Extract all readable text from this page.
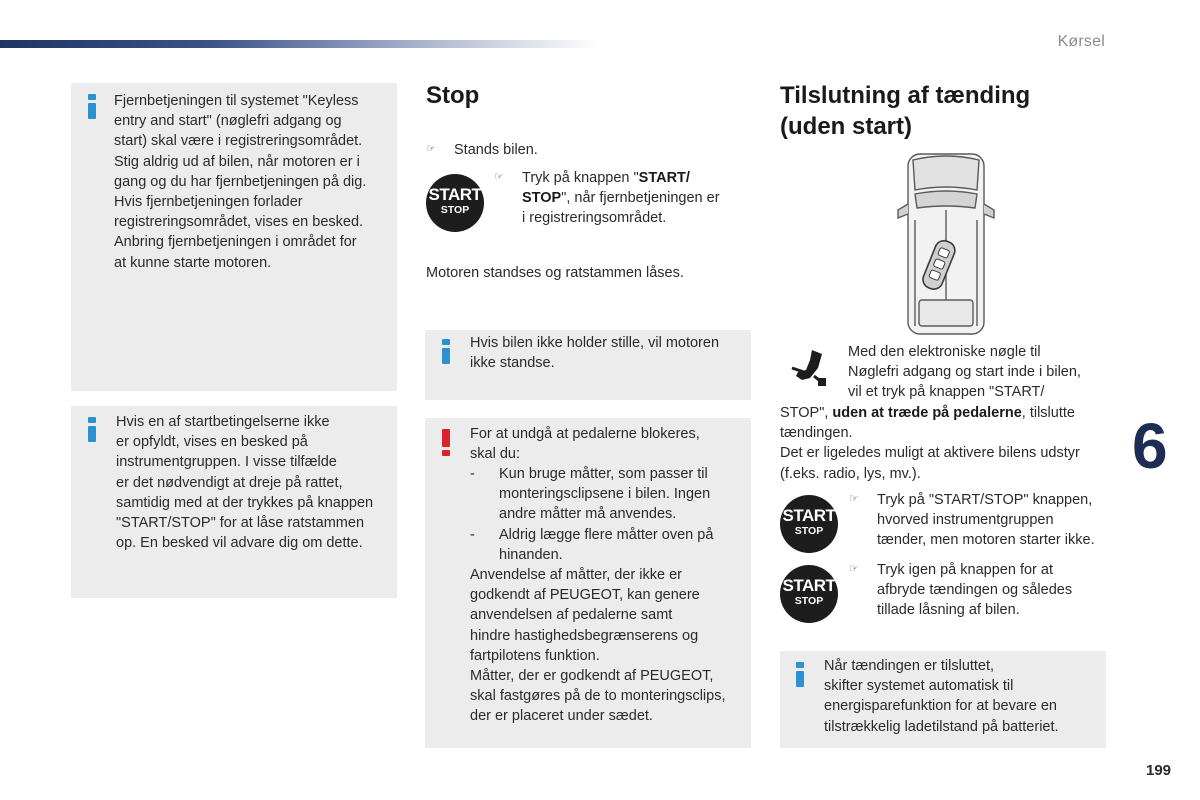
Kørsel
Fjernbetjeningen til systemet "Keyless
entry and start" (nøglefri adgang og
start) skal være i registreringsområdet.
Stig aldrig ud af bilen, når motoren er i
gang og du har fjernbetjeningen på dig.
Hvis fjernbetjeningen forlader
registreringsområdet, vises en besked.
Anbring fjernbetjeningen i området for
at kunne starte motoren.
Hvis en af startbetingelserne ikke
er opfyldt, vises en besked på
instrumentgruppen. I visse tilfælde
er det nødvendigt at dreje på rattet,
samtidig med at der trykkes på knappen
"START/STOP" for at låse ratstammen
op. En besked vil advare dig om dette.
Stop
☞ Stands bilen.
START
STOP
☞ Tryk på knappen "START/
STOP", når fjernbetjeningen er
i registreringsområdet.
Motoren standses og ratstammen låses.
Hvis bilen ikke holder stille, vil motoren
ikke standse.
For at undgå at pedalerne blokeres,
skal du:
- Kun bruge måtter, som passer til
monteringsclipsene i bilen. Ingen
andre måtter må anvendes.
- Aldrig lægge flere måtter oven på
hinanden.
Anvendelse af måtter, der ikke er
godkendt af PEUGEOT, kan genere
anvendelsen af pedalerne samt
hindre hastighedsbegrænserens og
fartpilotens funktion.
Måtter, der er godkendt af PEUGEOT,
skal fastgøres på de to monteringsclips,
der er placeret under sædet.
Tilslutning af tænding
(uden start)
Med den elektroniske nøgle til
Nøglefri adgang og start inde i bilen,
vil et tryk på knappen "START/
STOP", uden at træde på pedalerne, tilslutte
tændingen.
Det er ligeledes muligt at aktivere bilens udstyr
(f.eks. radio, lys, mv.).
START
STOP
☞ Tryk på "START/STOP" knappen,
hvorved instrumentgruppen
tænder, men motoren starter ikke.
START
STOP
☞ Tryk igen på knappen for at
afbryde tændingen og således
tillade låsning af bilen.
Når tændingen er tilsluttet,
skifter systemet automatisk til
energisparefunktion for at bevare en
tilstrækkelig ladetilstand på batteriet.
6
199
